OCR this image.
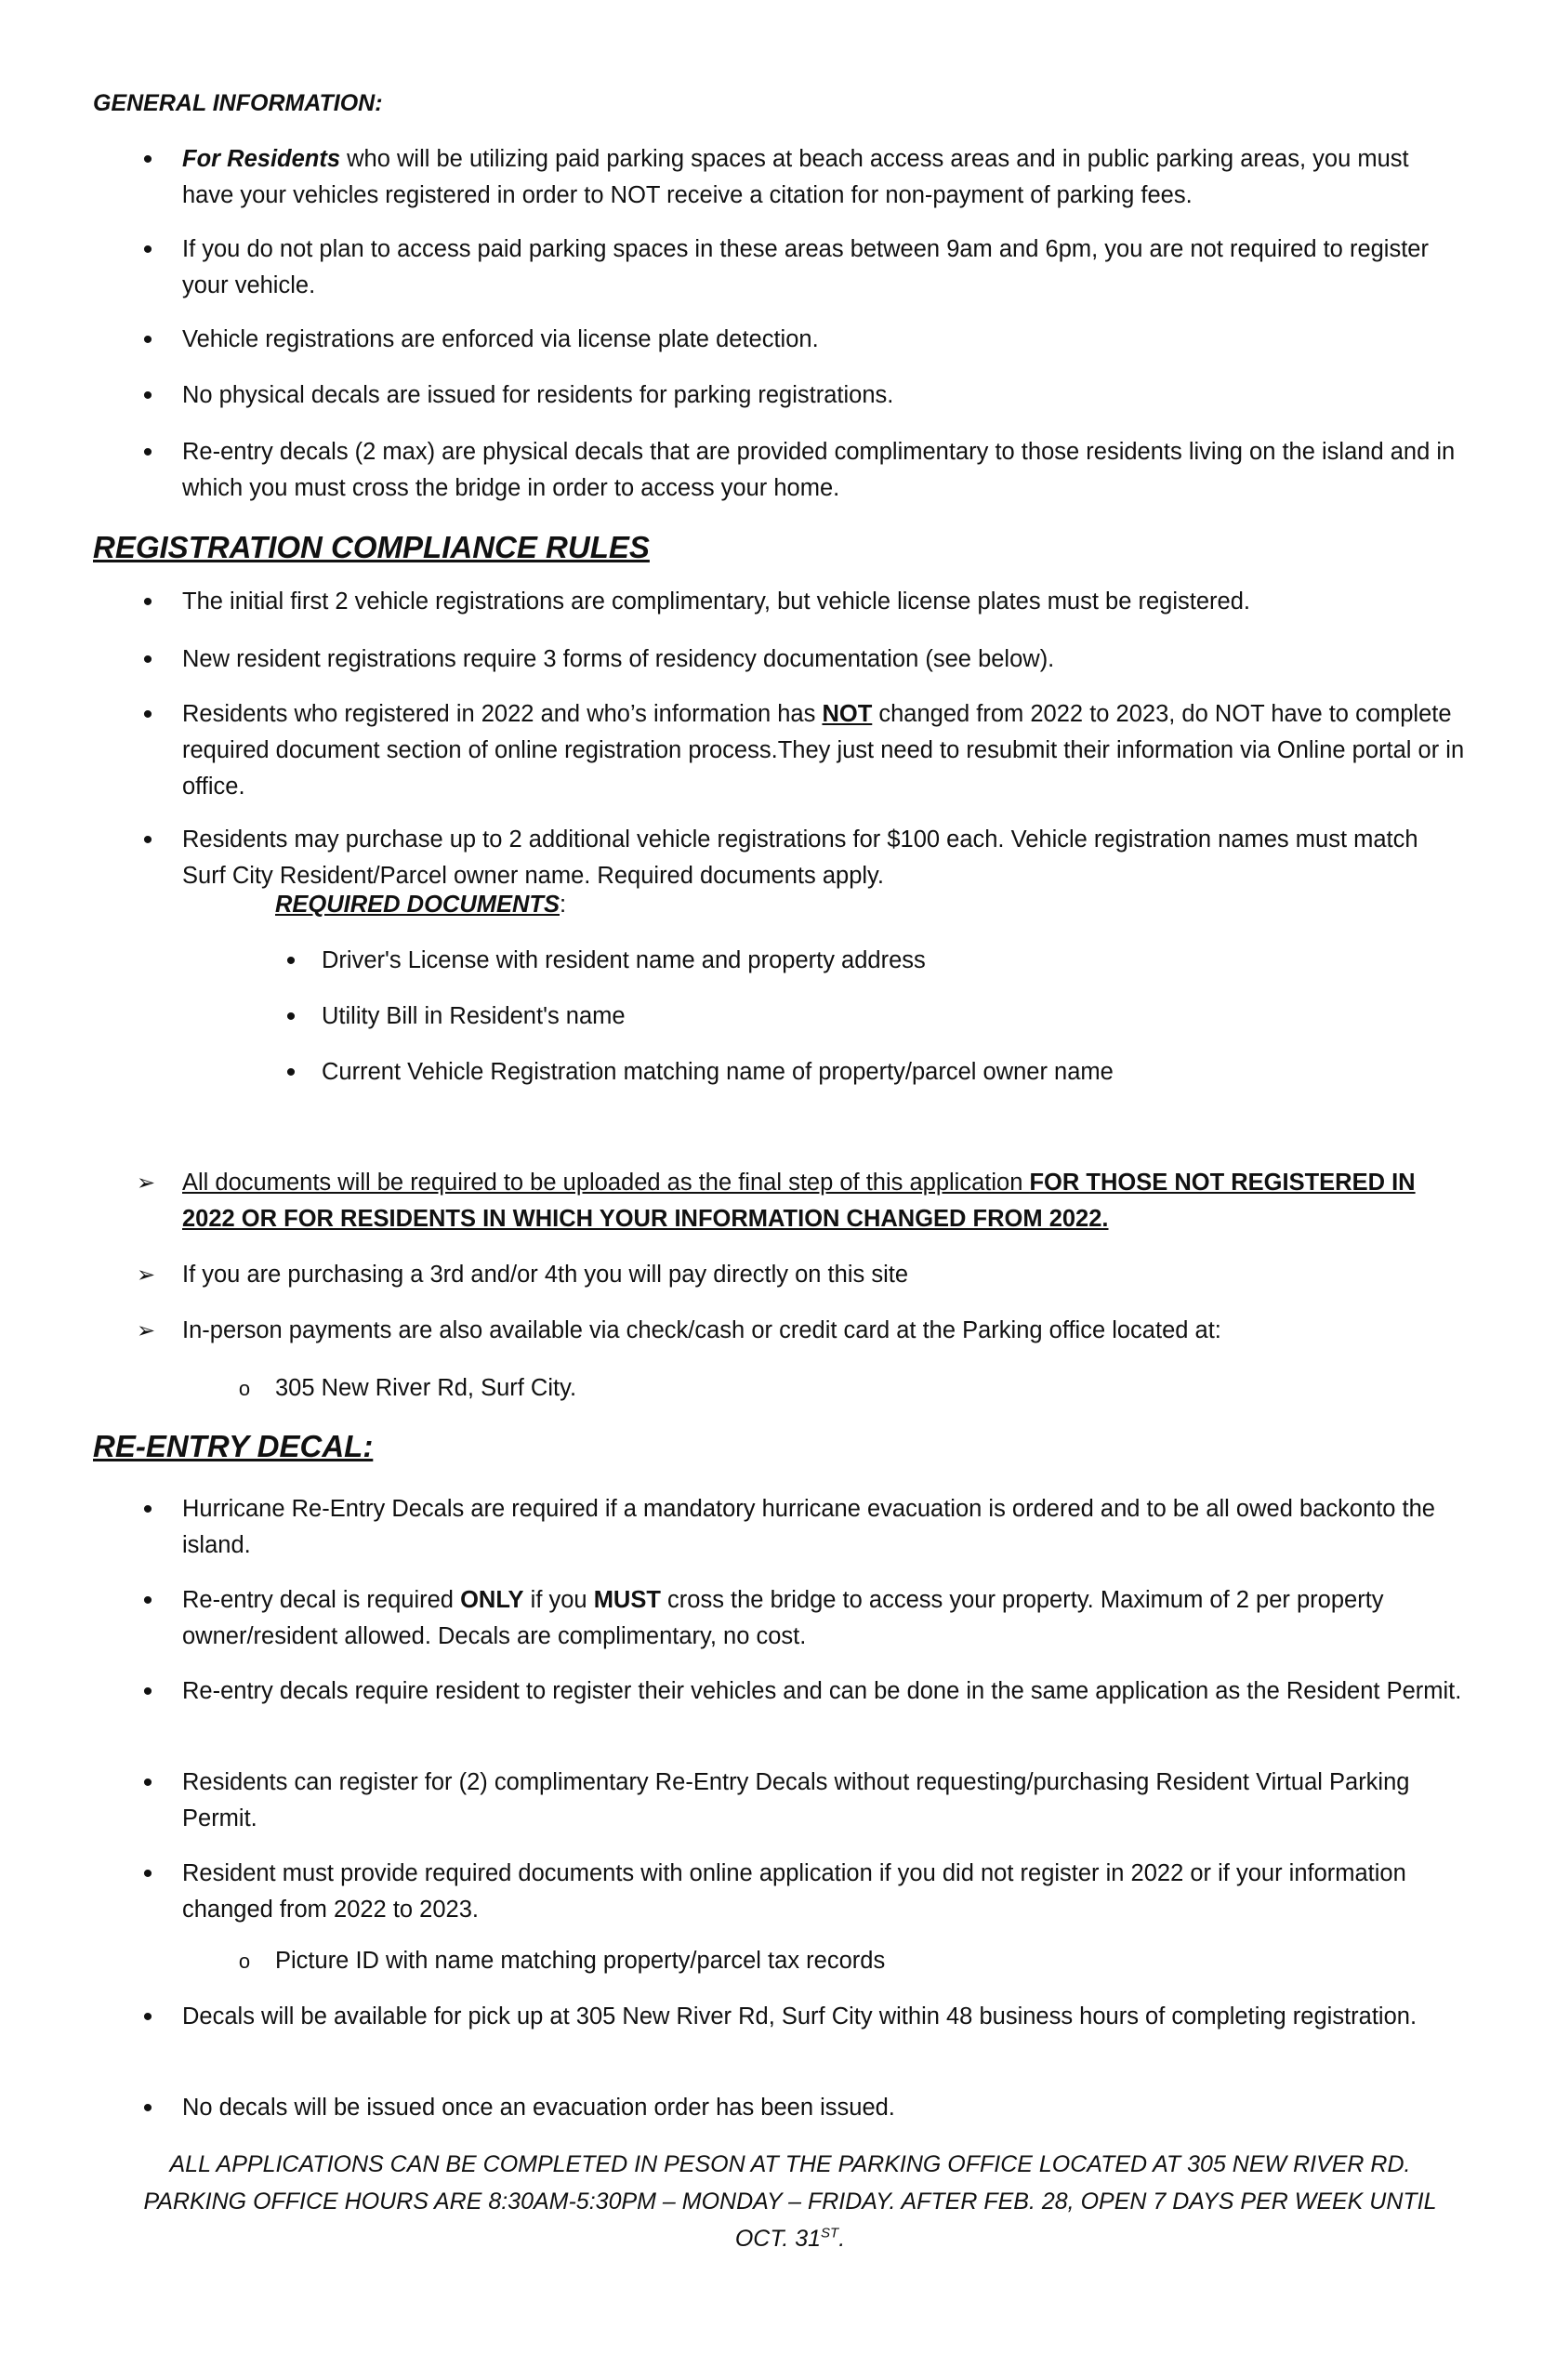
GENERAL INFORMATION:
•	For Residents who will be utilizing paid parking spaces at beach access areas and in public parking areas, you must have your vehicles registered in order to NOT receive a citation for non-payment of parking fees.
•	If you do not plan to access paid parking spaces in these areas between 9am and 6pm, you are not required to register your vehicle.
•	Vehicle registrations are enforced via license plate detection.
•	No physical decals are issued for residents for parking registrations.
•	Re-entry decals (2 max) are physical decals that are provided complimentary to those residents living on the island and in which you must cross the bridge in order to access your home.
REGISTRATION COMPLIANCE RULES
•	The initial first 2 vehicle registrations are complimentary, but vehicle license plates must be registered.
•	New resident registrations require 3 forms of residency documentation (see below).
•	Residents who registered in 2022 and who’s information has NOT changed from 2022 to 2023, do NOT have to complete required document section of online registration process.They just need to resubmit their information via Online portal or in office.
•	Residents may purchase up to 2 additional vehicle registrations for $100 each. Vehicle registration names must match Surf City Resident/Parcel owner name. Required documents apply.
REQUIRED DOCUMENTS:
•	Driver's License with resident name and property address
•	Utility Bill in Resident's name
•	Current Vehicle Registration matching name of property/parcel owner name
➢ All documents will be required to be uploaded as the final step of this application FOR THOSE NOT REGISTERED IN 2022 OR FOR RESIDENTS IN WHICH YOUR INFORMATION CHANGED FROM 2022.
➢ If you are purchasing a 3rd and/or 4th you will pay directly on this site
➢ In-person payments are also available via check/cash or credit card at the Parking office located at:
o	305 New River Rd, Surf City.
RE-ENTRY DECAL:
•	Hurricane Re-Entry Decals are required if a mandatory hurricane evacuation is ordered and to be all owed backonto the island.
•	Re-entry decal is required ONLY if you MUST cross the bridge to access your property. Maximum of 2 per property owner/resident allowed. Decals are complimentary, no cost.
•	Re-entry decals require resident to register their vehicles and can be done in the same application as the Resident Permit.
•	Residents can register for (2) complimentary Re-Entry Decals without requesting/purchasing Resident Virtual Parking Permit.
•	Resident must provide required documents with online application if you did not register in 2022 or if your information changed from 2022 to 2023.
o	Picture ID with name matching property/parcel tax records
•	Decals will be available for pick up at 305 New River Rd, Surf City within 48 business hours of completing registration.
•	No decals will be issued once an evacuation order has been issued.
ALL APPLICATIONS CAN BE COMPLETED IN PESON AT THE PARKING OFFICE LOCATED AT 305 NEW RIVER RD.
PARKING OFFICE HOURS ARE 8:30AM-5:30PM – MONDAY – FRIDAY. AFTER FEB. 28, OPEN 7 DAYS PER WEEK UNTIL
OCT. 31ST.
